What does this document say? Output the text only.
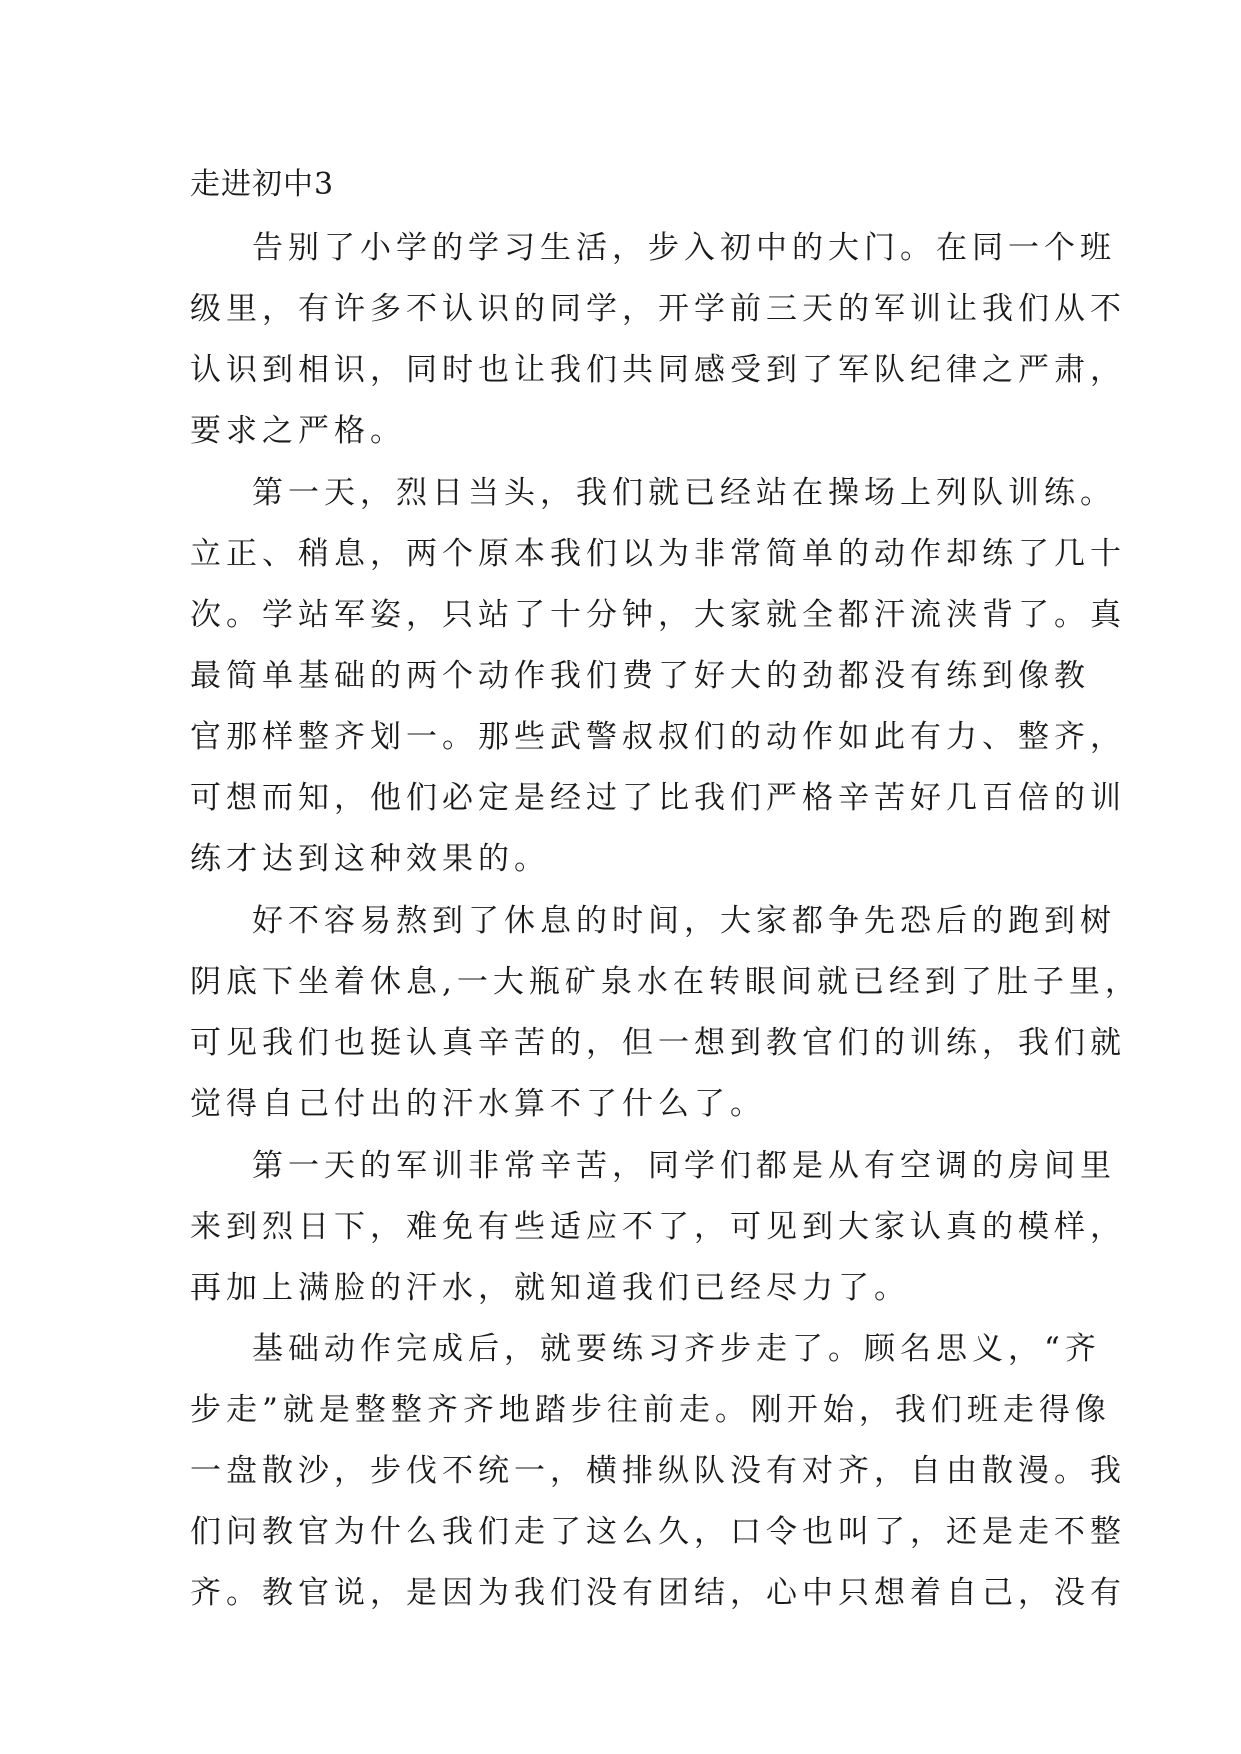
走进初中3
告别了小学的学习生活，步入初中的大门。在同一个班
级里，有许多不认识的同学，开学前三天的军训让我们从不
认识到相识，同时也让我们共同感受到了军队纪律之严肃，
要求之严格。
第一天，烈日当头，我们就已经站在操场上列队训练。
立正、稍息，两个原本我们以为非常简单的动作却练了几十
次。学站军姿，只站了十分钟，大家就全都汗流浃背了。真
最简单基础的两个动作我们费了好大的劲都没有练到像教
官那样整齐划一。那些武警叔叔们的动作如此有力、整齐，
可想而知，他们必定是经过了比我们严格辛苦好几百倍的训
练才达到这种效果的。
好不容易熬到了休息的时间，大家都争先恐后的跑到树
阴底下坐着休息,一大瓶矿泉水在转眼间就已经到了肚子里，
可见我们也挺认真辛苦的，但一想到教官们的训练，我们就
觉得自己付出的汗水算不了什么了。
第一天的军训非常辛苦，同学们都是从有空调的房间里
来到烈日下，难免有些适应不了，可见到大家认真的模样，
再加上满脸的汗水，就知道我们已经尽力了。
基础动作完成后，就要练习齐步走了。顾名思义，“齐
步走”就是整整齐齐地踏步往前走。刚开始，我们班走得像
一盘散沙，步伐不统一，横排纵队没有对齐，自由散漫。我
们问教官为什么我们走了这么久，口令也叫了，还是走不整
齐。教官说，是因为我们没有团结，心中只想着自己，没有
